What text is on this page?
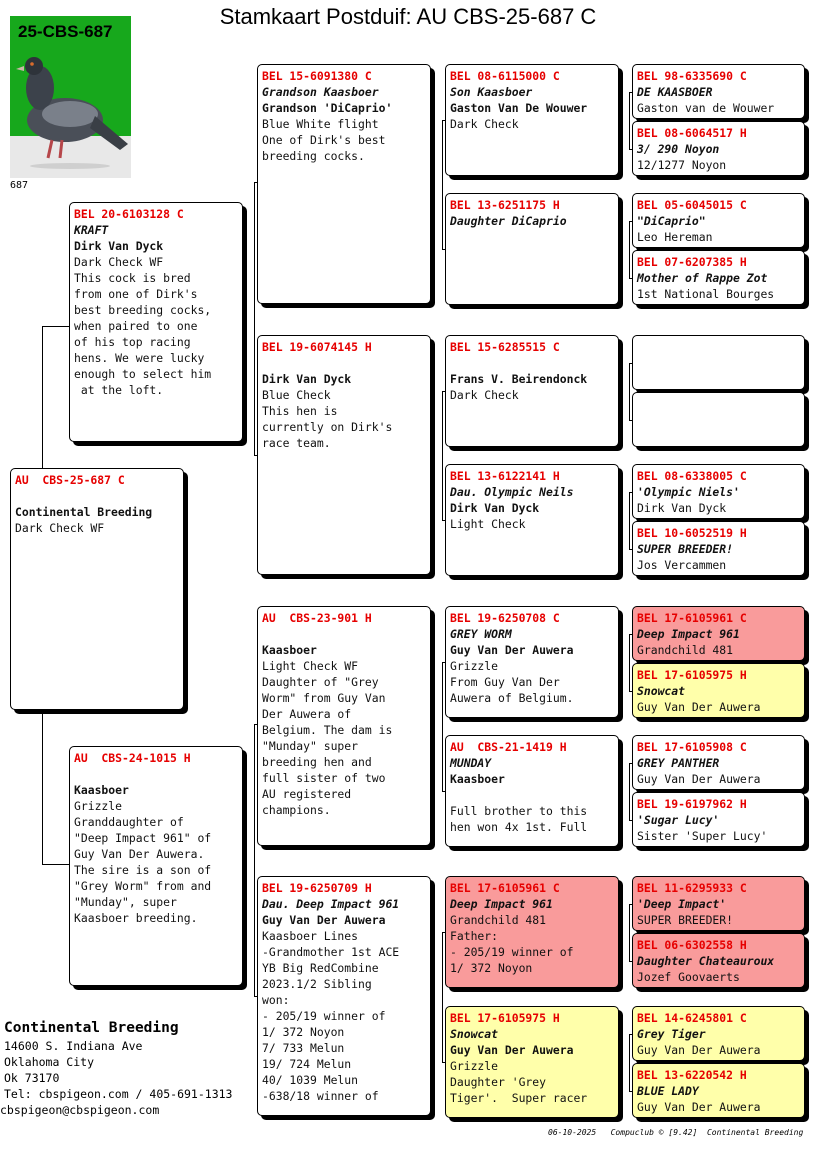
Stamkaart Postduif: AU CBS-25-687 C
25-CBS-687
687
AU  CBS-25-687 C

Continental Breeding
Dark Check WF
BEL 20-6103128 C
KRAFT
Dirk Van Dyck
Dark Check WF
This cock is bred
from one of Dirk's
best breeding cocks,
when paired to one
of his top racing
hens. We were lucky
enough to select him
at the loft.
AU  CBS-24-1015 H

Kaasboer
Grizzle
Granddaughter of
"Deep Impact 961" of
Guy Van Der Auwera.
The sire is a son of
"Grey Worm" from and
"Munday", super
Kaasboer breeding.
BEL 15-6091380 C
Grandson Kaasboer
Grandson 'DiCaprio'
Blue White flight
One of Dirk's best
breeding cocks.
BEL 19-6074145 H

Dirk Van Dyck
Blue Check
This hen is
currently on Dirk's
race team.
AU  CBS-23-901 H

Kaasboer
Light Check WF
Daughter of "Grey
Worm" from Guy Van
Der Auwera of
Belgium. The dam is
"Munday" super
breeding hen and
full sister of two
AU registered
champions.
BEL 19-6250709 H
Dau. Deep Impact 961
Guy Van Der Auwera
Kaasboer Lines
-Grandmother 1st ACE
YB Big RedCombine
2023.1/2 Sibling
won:
- 205/19 winner of
1/ 372 Noyon
7/ 733 Melun
19/ 724 Melun
40/ 1039 Melun
-638/18 winner of
BEL 08-6115000 C
Son Kaasboer
Gaston Van De Wouwer
Dark Check
BEL 13-6251175 H
Daughter DiCaprio
BEL 15-6285515 C

Frans V. Beirendonck
Dark Check
BEL 13-6122141 H
Dau. Olympic Neils
Dirk Van Dyck
Light Check
BEL 19-6250708 C
GREY WORM
Guy Van Der Auwera
Grizzle
From Guy Van Der
Auwera of Belgium.
AU  CBS-21-1419 H
MUNDAY
Kaasboer

Full brother to this
hen won 4x 1st. Full
BEL 17-6105961 C
Deep Impact 961
Grandchild 481
Father:
- 205/19 winner of
1/ 372 Noyon
BEL 17-6105975 H
Snowcat
Guy Van Der Auwera
Grizzle
Daughter 'Grey
Tiger'.  Super racer
BEL 98-6335690 C
DE KAASBOER
Gaston van de Wouwer
BEL 08-6064517 H
3/ 290 Noyon
12/1277 Noyon
BEL 05-6045015 C
"DiCaprio"
Leo Hereman
BEL 07-6207385 H
Mother of Rappe Zot
1st National Bourges
BEL 08-6338005 C
'Olympic Niels'
Dirk Van Dyck
BEL 10-6052519 H
SUPER BREEDER!
Jos Vercammen
BEL 17-6105961 C
Deep Impact 961
Grandchild 481
BEL 17-6105975 H
Snowcat
Guy Van Der Auwera
BEL 17-6105908 C
GREY PANTHER
Guy Van Der Auwera
BEL 19-6197962 H
'Sugar Lucy'
Sister 'Super Lucy'
BEL 11-6295933 C
'Deep Impact'
SUPER BREEDER!
BEL 06-6302558 H
Daughter Chateauroux
Jozef Goovaerts
BEL 14-6245801 C
Grey Tiger
Guy Van Der Auwera
BEL 13-6220542 H
BLUE LADY
Guy Van Der Auwera
Continental Breeding
14600 S. Indiana Ave
Oklahoma City
Ok 73170
Tel: cbspigeon.com / 405-691-1313
cbspigeon@cbspigeon.com
06-10-2025   Compuclub © [9.42]  Continental Breeding
